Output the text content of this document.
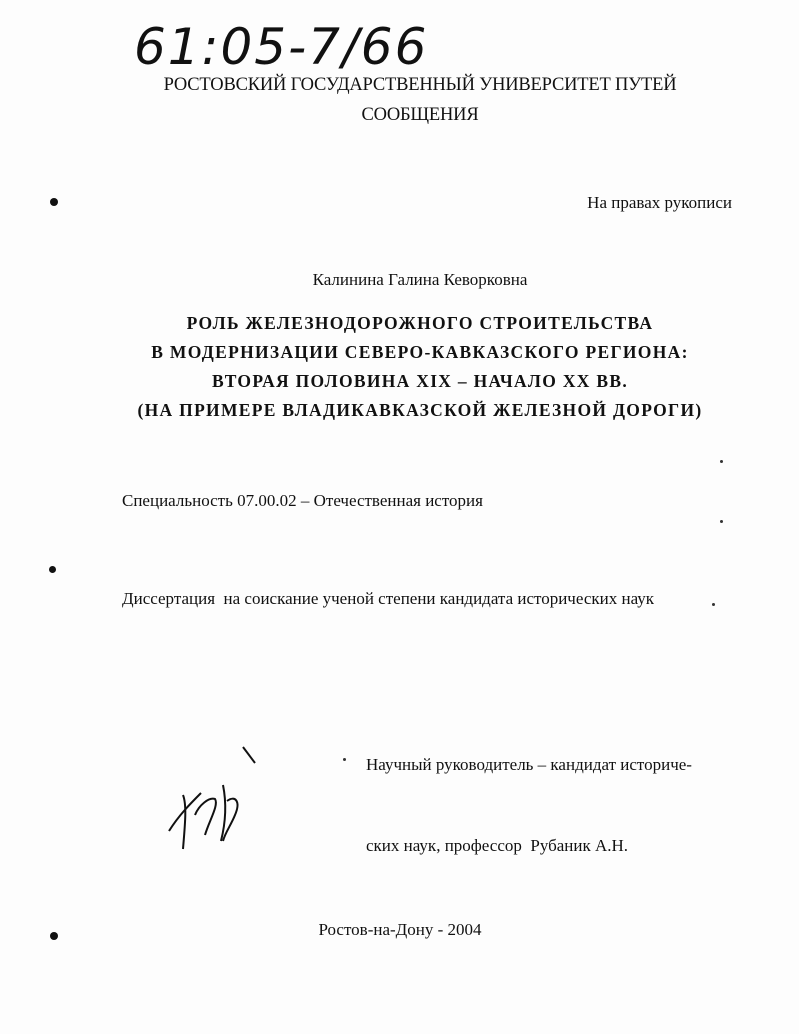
61:05-7/66
РОСТОВСКИЙ ГОСУДАРСТВЕННЫЙ УНИВЕРСИТЕТ ПУТЕЙ
СООБЩЕНИЯ
На правах рукописи
Калинина Галина Кеворковна
РОЛЬ ЖЕЛЕЗНОДОРОЖНОГО СТРОИТЕЛЬСТВА
В МОДЕРНИЗАЦИИ СЕВЕРО-КАВКАЗСКОГО РЕГИОНА:
ВТОРАЯ ПОЛОВИНА XIX – НАЧАЛО XX ВВ.
(НА ПРИМЕРЕ ВЛАДИКАВКАЗСКОЙ ЖЕЛЕЗНОЙ ДОРОГИ)
Специальность 07.00.02 – Отечественная история
Диссертация  на соискание ученой степени кандидата исторических наук

Научный руководитель – кандидат историче-

ских наук, профессор  Рубаник А.Н.

Ростов-на-Дону - 2004
